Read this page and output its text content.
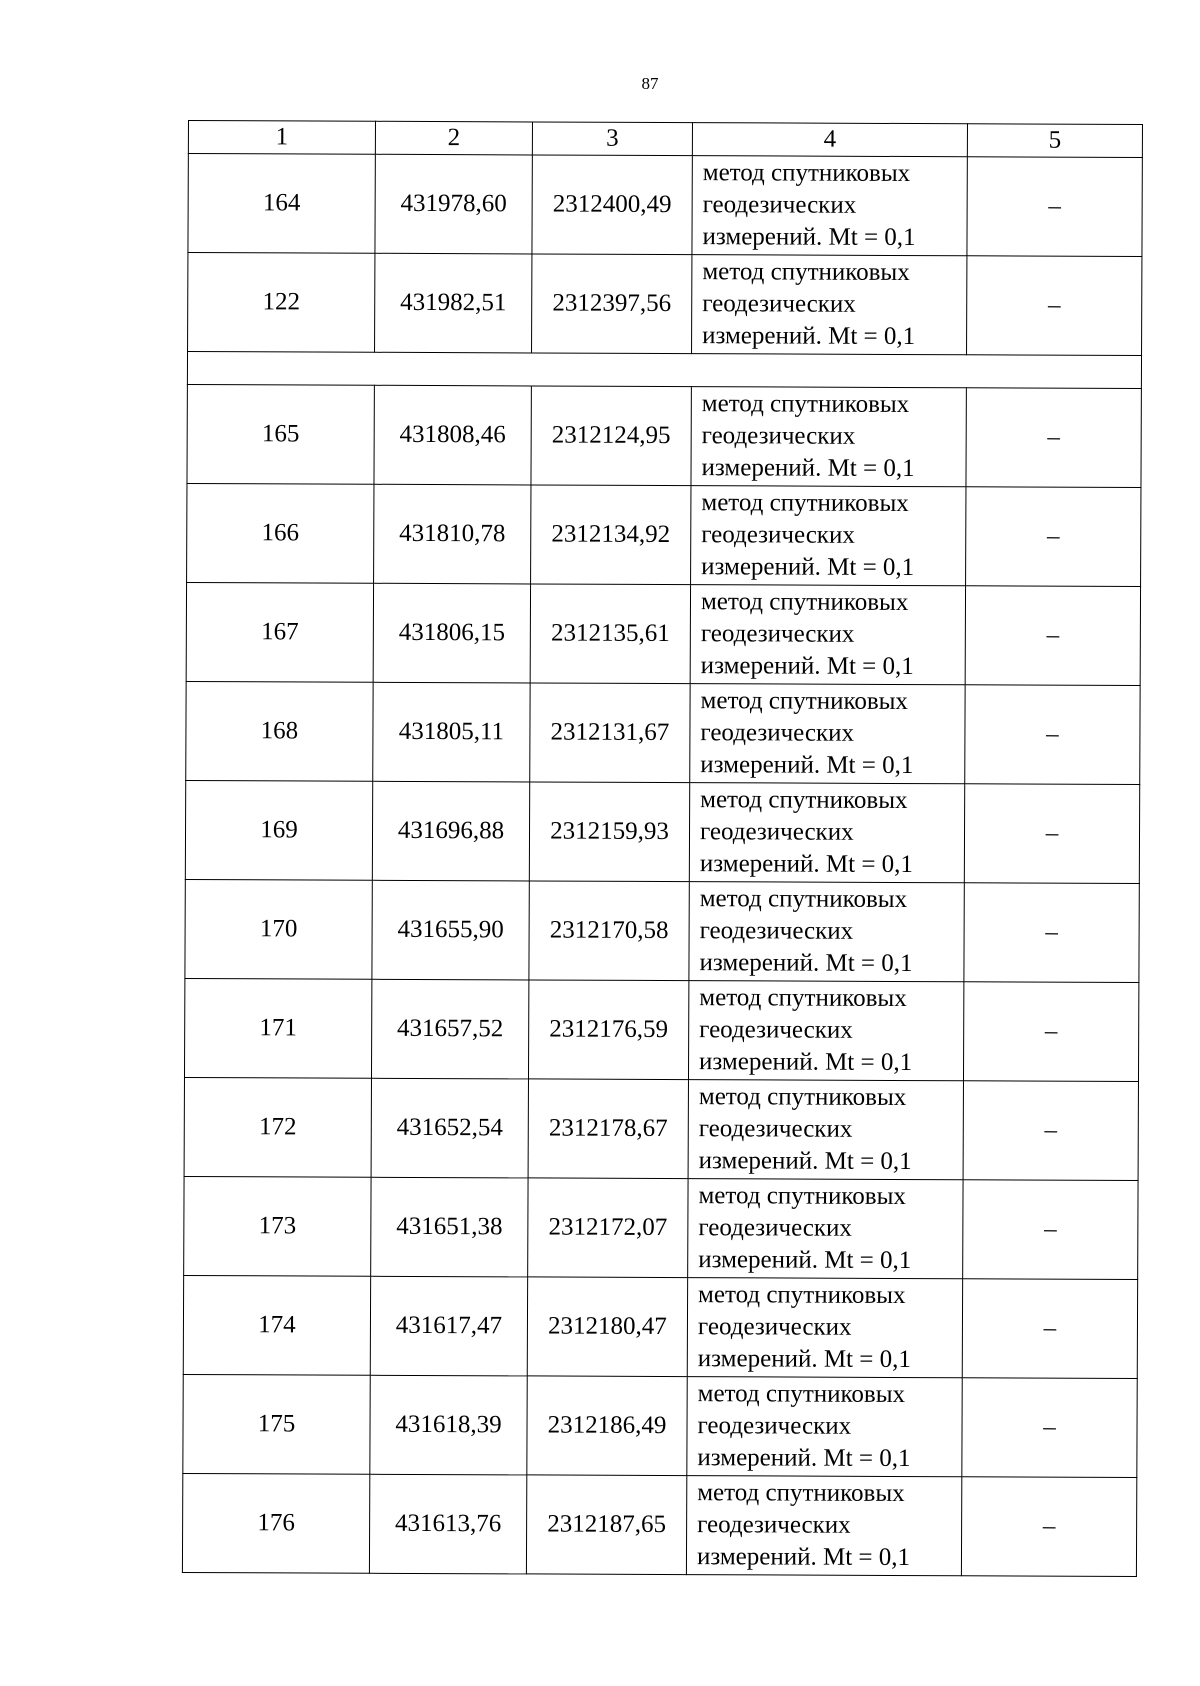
87
1	2	3	4	5
164	431978,60	2312400,49	метод спутниковых
геодезических
измерений. Mt = 0,1	–
122	431982,51	2312397,56	метод спутниковых
геодезических
измерений. Mt = 0,1	–

165	431808,46	2312124,95	метод спутниковых
геодезических
измерений. Mt = 0,1	–
166	431810,78	2312134,92	метод спутниковых
геодезических
измерений. Mt = 0,1	–
167	431806,15	2312135,61	метод спутниковых
геодезических
измерений. Mt = 0,1	–
168	431805,11	2312131,67	метод спутниковых
геодезических
измерений. Mt = 0,1	–
169	431696,88	2312159,93	метод спутниковых
геодезических
измерений. Mt = 0,1	–
170	431655,90	2312170,58	метод спутниковых
геодезических
измерений. Mt = 0,1	–
171	431657,52	2312176,59	метод спутниковых
геодезических
измерений. Mt = 0,1	–
172	431652,54	2312178,67	метод спутниковых
геодезических
измерений. Mt = 0,1	–
173	431651,38	2312172,07	метод спутниковых
геодезических
измерений. Mt = 0,1	–
174	431617,47	2312180,47	метод спутниковых
геодезических
измерений. Mt = 0,1	–
175	431618,39	2312186,49	метод спутниковых
геодезических
измерений. Mt = 0,1	–
176	431613,76	2312187,65	метод спутниковых
геодезических
измерений. Mt = 0,1	–
